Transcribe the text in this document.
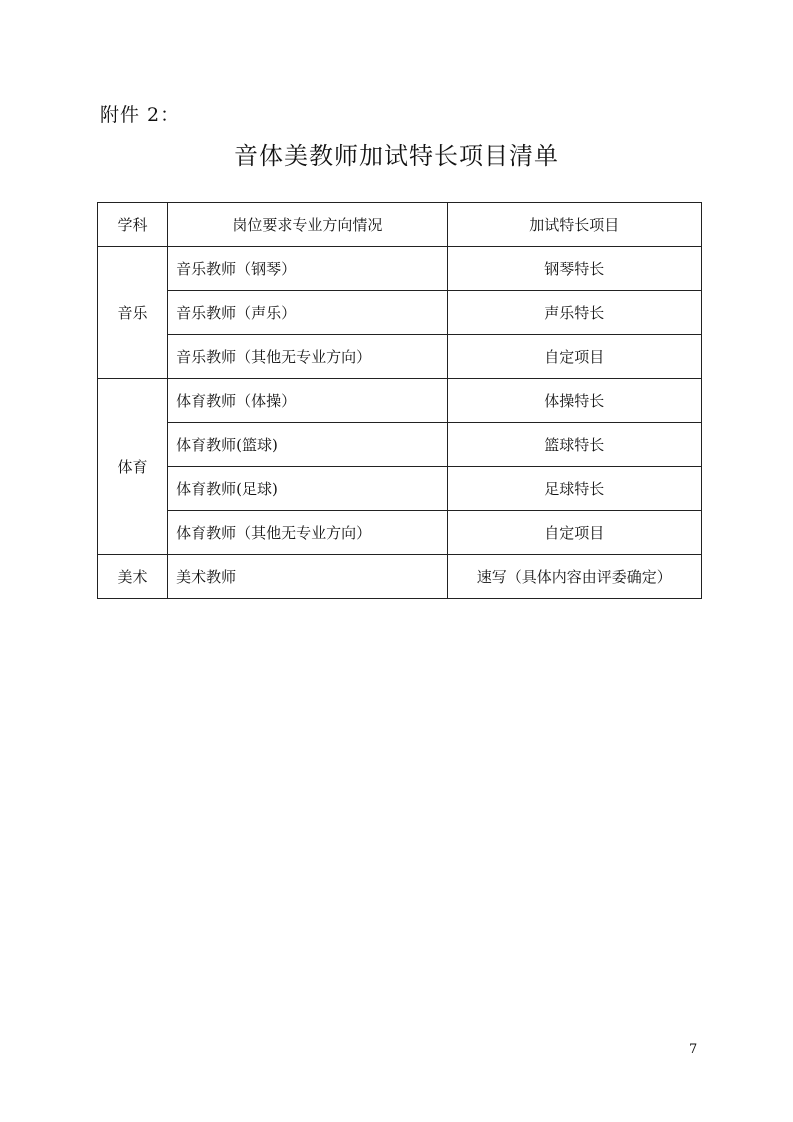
附件 2：
音体美教师加试特长项目清单
学科	岗位要求专业方向情况	加试特长项目
音乐	音乐教师（钢琴）	钢琴特长
	音乐教师（声乐）	声乐特长
	音乐教师（其他无专业方向）	自定项目
体育	体育教师（体操）	体操特长
	体育教师(篮球)	篮球特长
	体育教师(足球)	足球特长
	体育教师（其他无专业方向）	自定项目
美术	美术教师	速写（具体内容由评委确定）
7
